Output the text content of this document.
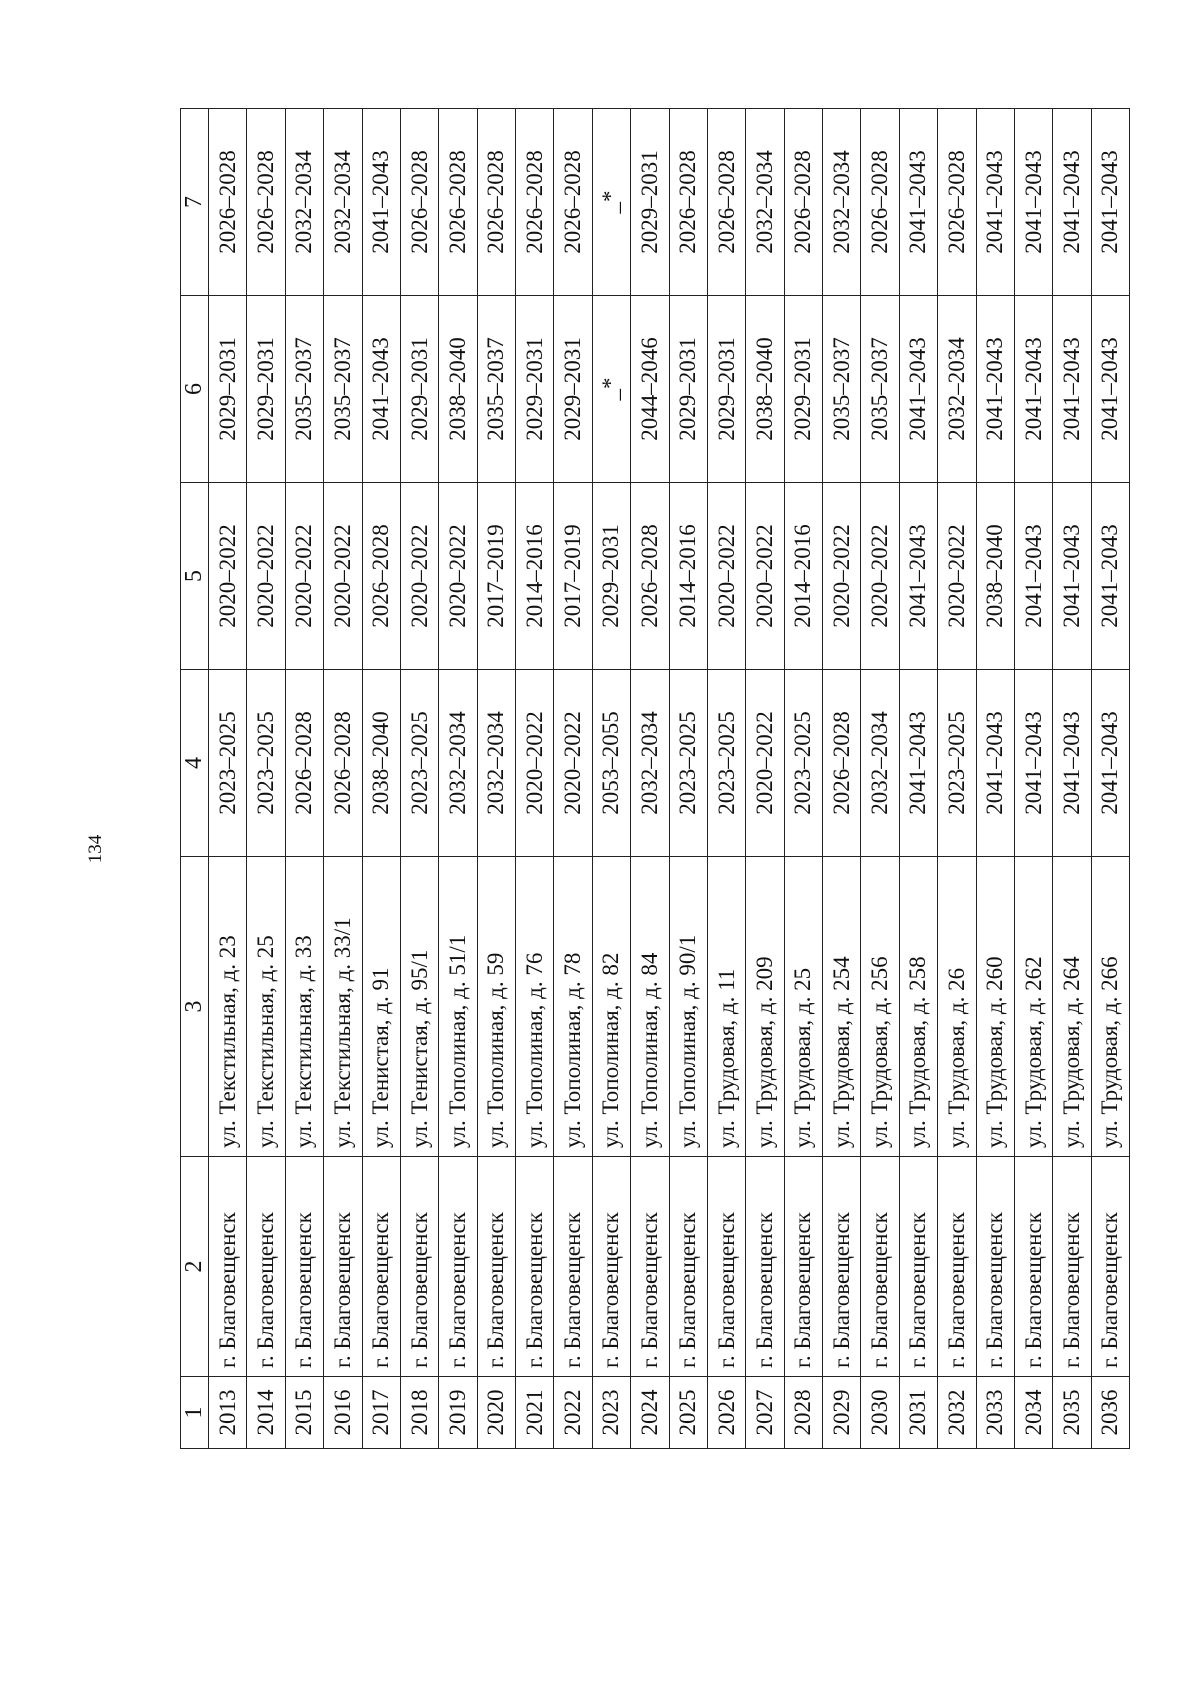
134
1	2	3	4	5	6	7
2013	г. Благовещенск	ул. Текстильная, д. 23	2023–2025	2020–2022	2029–2031	2026–2028
2014	г. Благовещенск	ул. Текстильная, д. 25	2023–2025	2020–2022	2029–2031	2026–2028
2015	г. Благовещенск	ул. Текстильная, д. 33	2026–2028	2020–2022	2035–2037	2032–2034
2016	г. Благовещенск	ул. Текстильная, д. 33/1	2026–2028	2020–2022	2035–2037	2032–2034
2017	г. Благовещенск	ул. Тенистая, д. 91	2038–2040	2026–2028	2041–2043	2041–2043
2018	г. Благовещенск	ул. Тенистая, д. 95/1	2023–2025	2020–2022	2029–2031	2026–2028
2019	г. Благовещенск	ул. Тополиная, д. 51/1	2032–2034	2020–2022	2038–2040	2026–2028
2020	г. Благовещенск	ул. Тополиная, д. 59	2032–2034	2017–2019	2035–2037	2026–2028
2021	г. Благовещенск	ул. Тополиная, д. 76	2020–2022	2014–2016	2029–2031	2026–2028
2022	г. Благовещенск	ул. Тополиная, д. 78	2020–2022	2017–2019	2029–2031	2026–2028
2023	г. Благовещенск	ул. Тополиная, д. 82	2053–2055	2029–2031	_*	_*
2024	г. Благовещенск	ул. Тополиная, д. 84	2032–2034	2026–2028	2044–2046	2029–2031
2025	г. Благовещенск	ул. Тополиная, д. 90/1	2023–2025	2014–2016	2029–2031	2026–2028
2026	г. Благовещенск	ул. Трудовая, д. 11	2023–2025	2020–2022	2029–2031	2026–2028
2027	г. Благовещенск	ул. Трудовая, д. 209	2020–2022	2020–2022	2038–2040	2032–2034
2028	г. Благовещенск	ул. Трудовая, д. 25	2023–2025	2014–2016	2029–2031	2026–2028
2029	г. Благовещенск	ул. Трудовая, д. 254	2026–2028	2020–2022	2035–2037	2032–2034
2030	г. Благовещенск	ул. Трудовая, д. 256	2032–2034	2020–2022	2035–2037	2026–2028
2031	г. Благовещенск	ул. Трудовая, д. 258	2041–2043	2041–2043	2041–2043	2041–2043
2032	г. Благовещенск	ул. Трудовая, д. 26	2023–2025	2020–2022	2032–2034	2026–2028
2033	г. Благовещенск	ул. Трудовая, д. 260	2041–2043	2038–2040	2041–2043	2041–2043
2034	г. Благовещенск	ул. Трудовая, д. 262	2041–2043	2041–2043	2041–2043	2041–2043
2035	г. Благовещенск	ул. Трудовая, д. 264	2041–2043	2041–2043	2041–2043	2041–2043
2036	г. Благовещенск	ул. Трудовая, д. 266	2041–2043	2041–2043	2041–2043	2041–2043
